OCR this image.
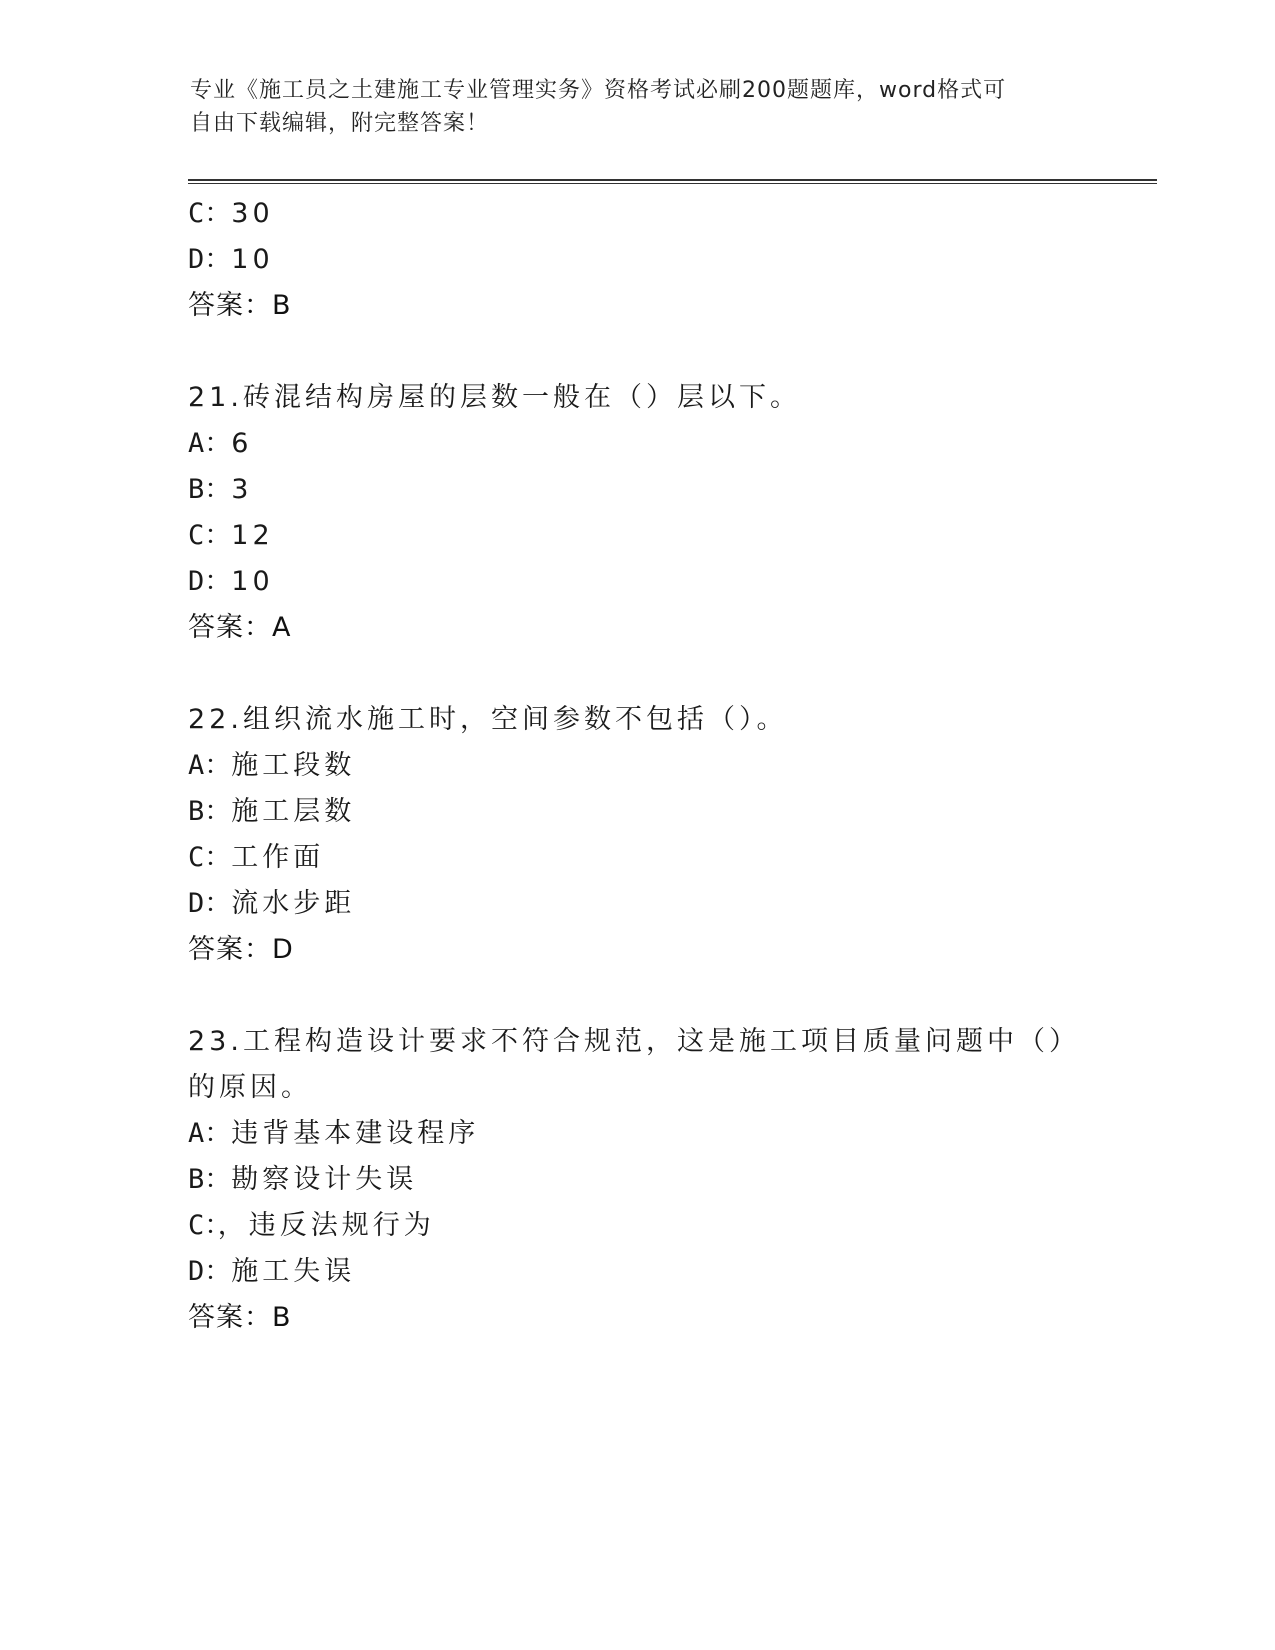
专业《施工员之土建施工专业管理实务》资格考试必刷200题题库，word格式可
自由下载编辑，附完整答案！
C：30
D：10
答案：B
21.砖混结构房屋的层数一般在（）层以下。
A：6
B：3
C：12
D：10
答案：A
22.组织流水施工时，空间参数不包括（）。
A：施工段数
B：施工层数
C：工作面
D：流水步距
答案：D
23.工程构造设计要求不符合规范，这是施工项目质量问题中（）的原因。
A：违背基本建设程序
B：勘察设计失误
C：，违反法规行为
D：施工失误
答案：B
